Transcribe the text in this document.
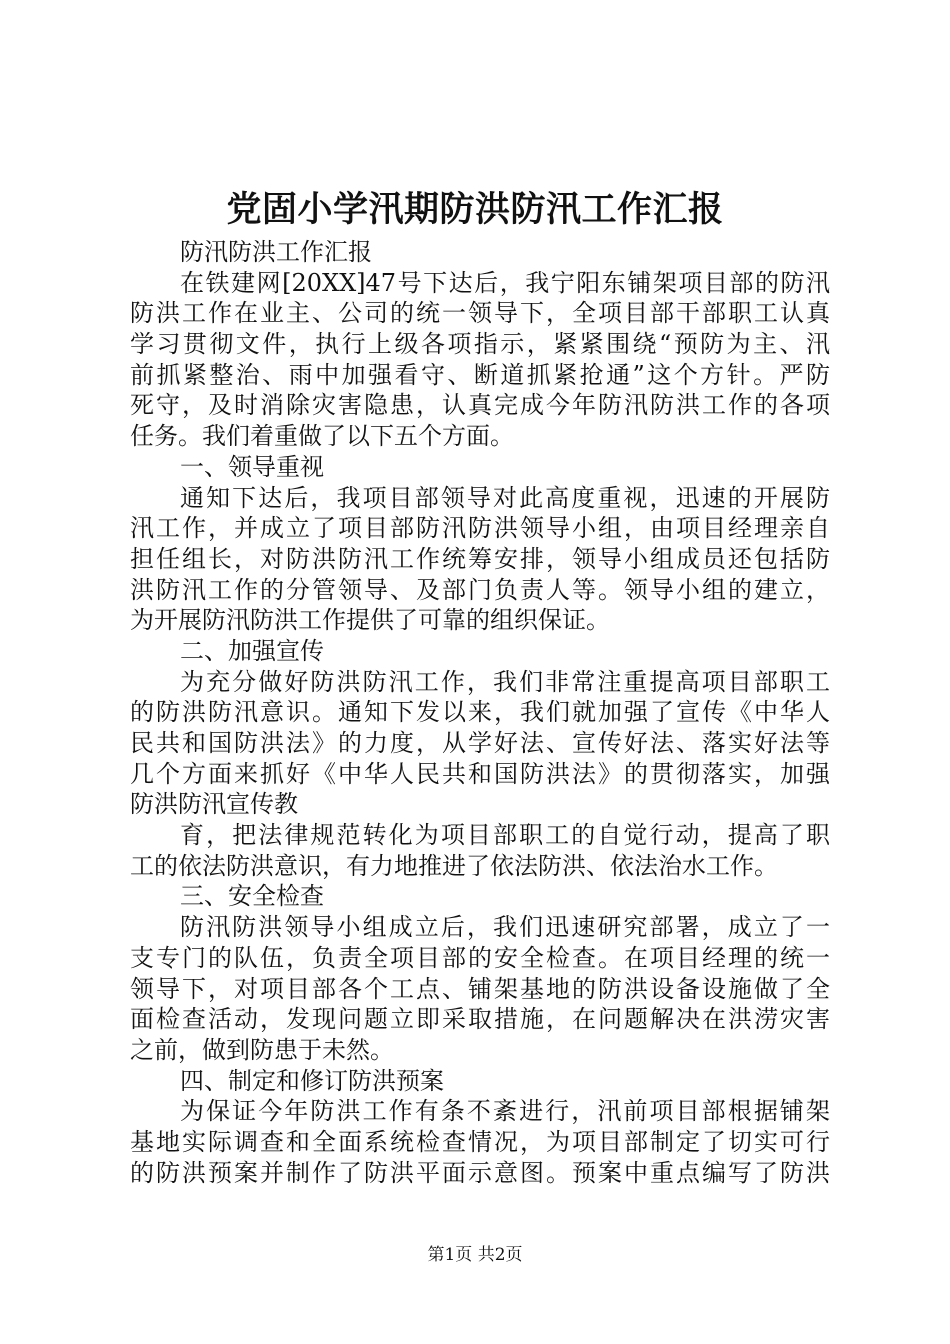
党固小学汛期防洪防汛工作汇报
防汛防洪工作汇报
在铁建网[20XX]47号下达后，我宁阳东铺架项目部的防汛
防洪工作在业主、公司的统一领导下，全项目部干部职工认真
学习贯彻文件，执行上级各项指示，紧紧围绕“预防为主、汛
前抓紧整治、雨中加强看守、断道抓紧抢通”这个方针。严防
死守，及时消除灾害隐患，认真完成今年防汛防洪工作的各项
任务。我们着重做了以下五个方面。
一、领导重视
通知下达后，我项目部领导对此高度重视，迅速的开展防
汛工作，并成立了项目部防汛防洪领导小组，由项目经理亲自
担任组长，对防洪防汛工作统筹安排，领导小组成员还包括防
洪防汛工作的分管领导、及部门负责人等。领导小组的建立，
为开展防汛防洪工作提供了可靠的组织保证。
二、加强宣传
为充分做好防洪防汛工作，我们非常注重提高项目部职工
的防洪防汛意识。通知下发以来，我们就加强了宣传《中华人
民共和国防洪法》的力度，从学好法、宣传好法、落实好法等
几个方面来抓好《中华人民共和国防洪法》的贯彻落实，加强
防洪防汛宣传教
育，把法律规范转化为项目部职工的自觉行动，提高了职
工的依法防洪意识，有力地推进了依法防洪、依法治水工作。
三、安全检查
防汛防洪领导小组成立后，我们迅速研究部署，成立了一
支专门的队伍，负责全项目部的安全检查。在项目经理的统一
领导下，对项目部各个工点、铺架基地的防洪设备设施做了全
面检查活动，发现问题立即采取措施，在问题解决在洪涝灾害
之前，做到防患于未然。
四、制定和修订防洪预案
为保证今年防洪工作有条不紊进行，汛前项目部根据铺架
基地实际调查和全面系统检查情况，为项目部制定了切实可行
的防洪预案并制作了防洪平面示意图。预案中重点编写了防洪
第1页 共2页
